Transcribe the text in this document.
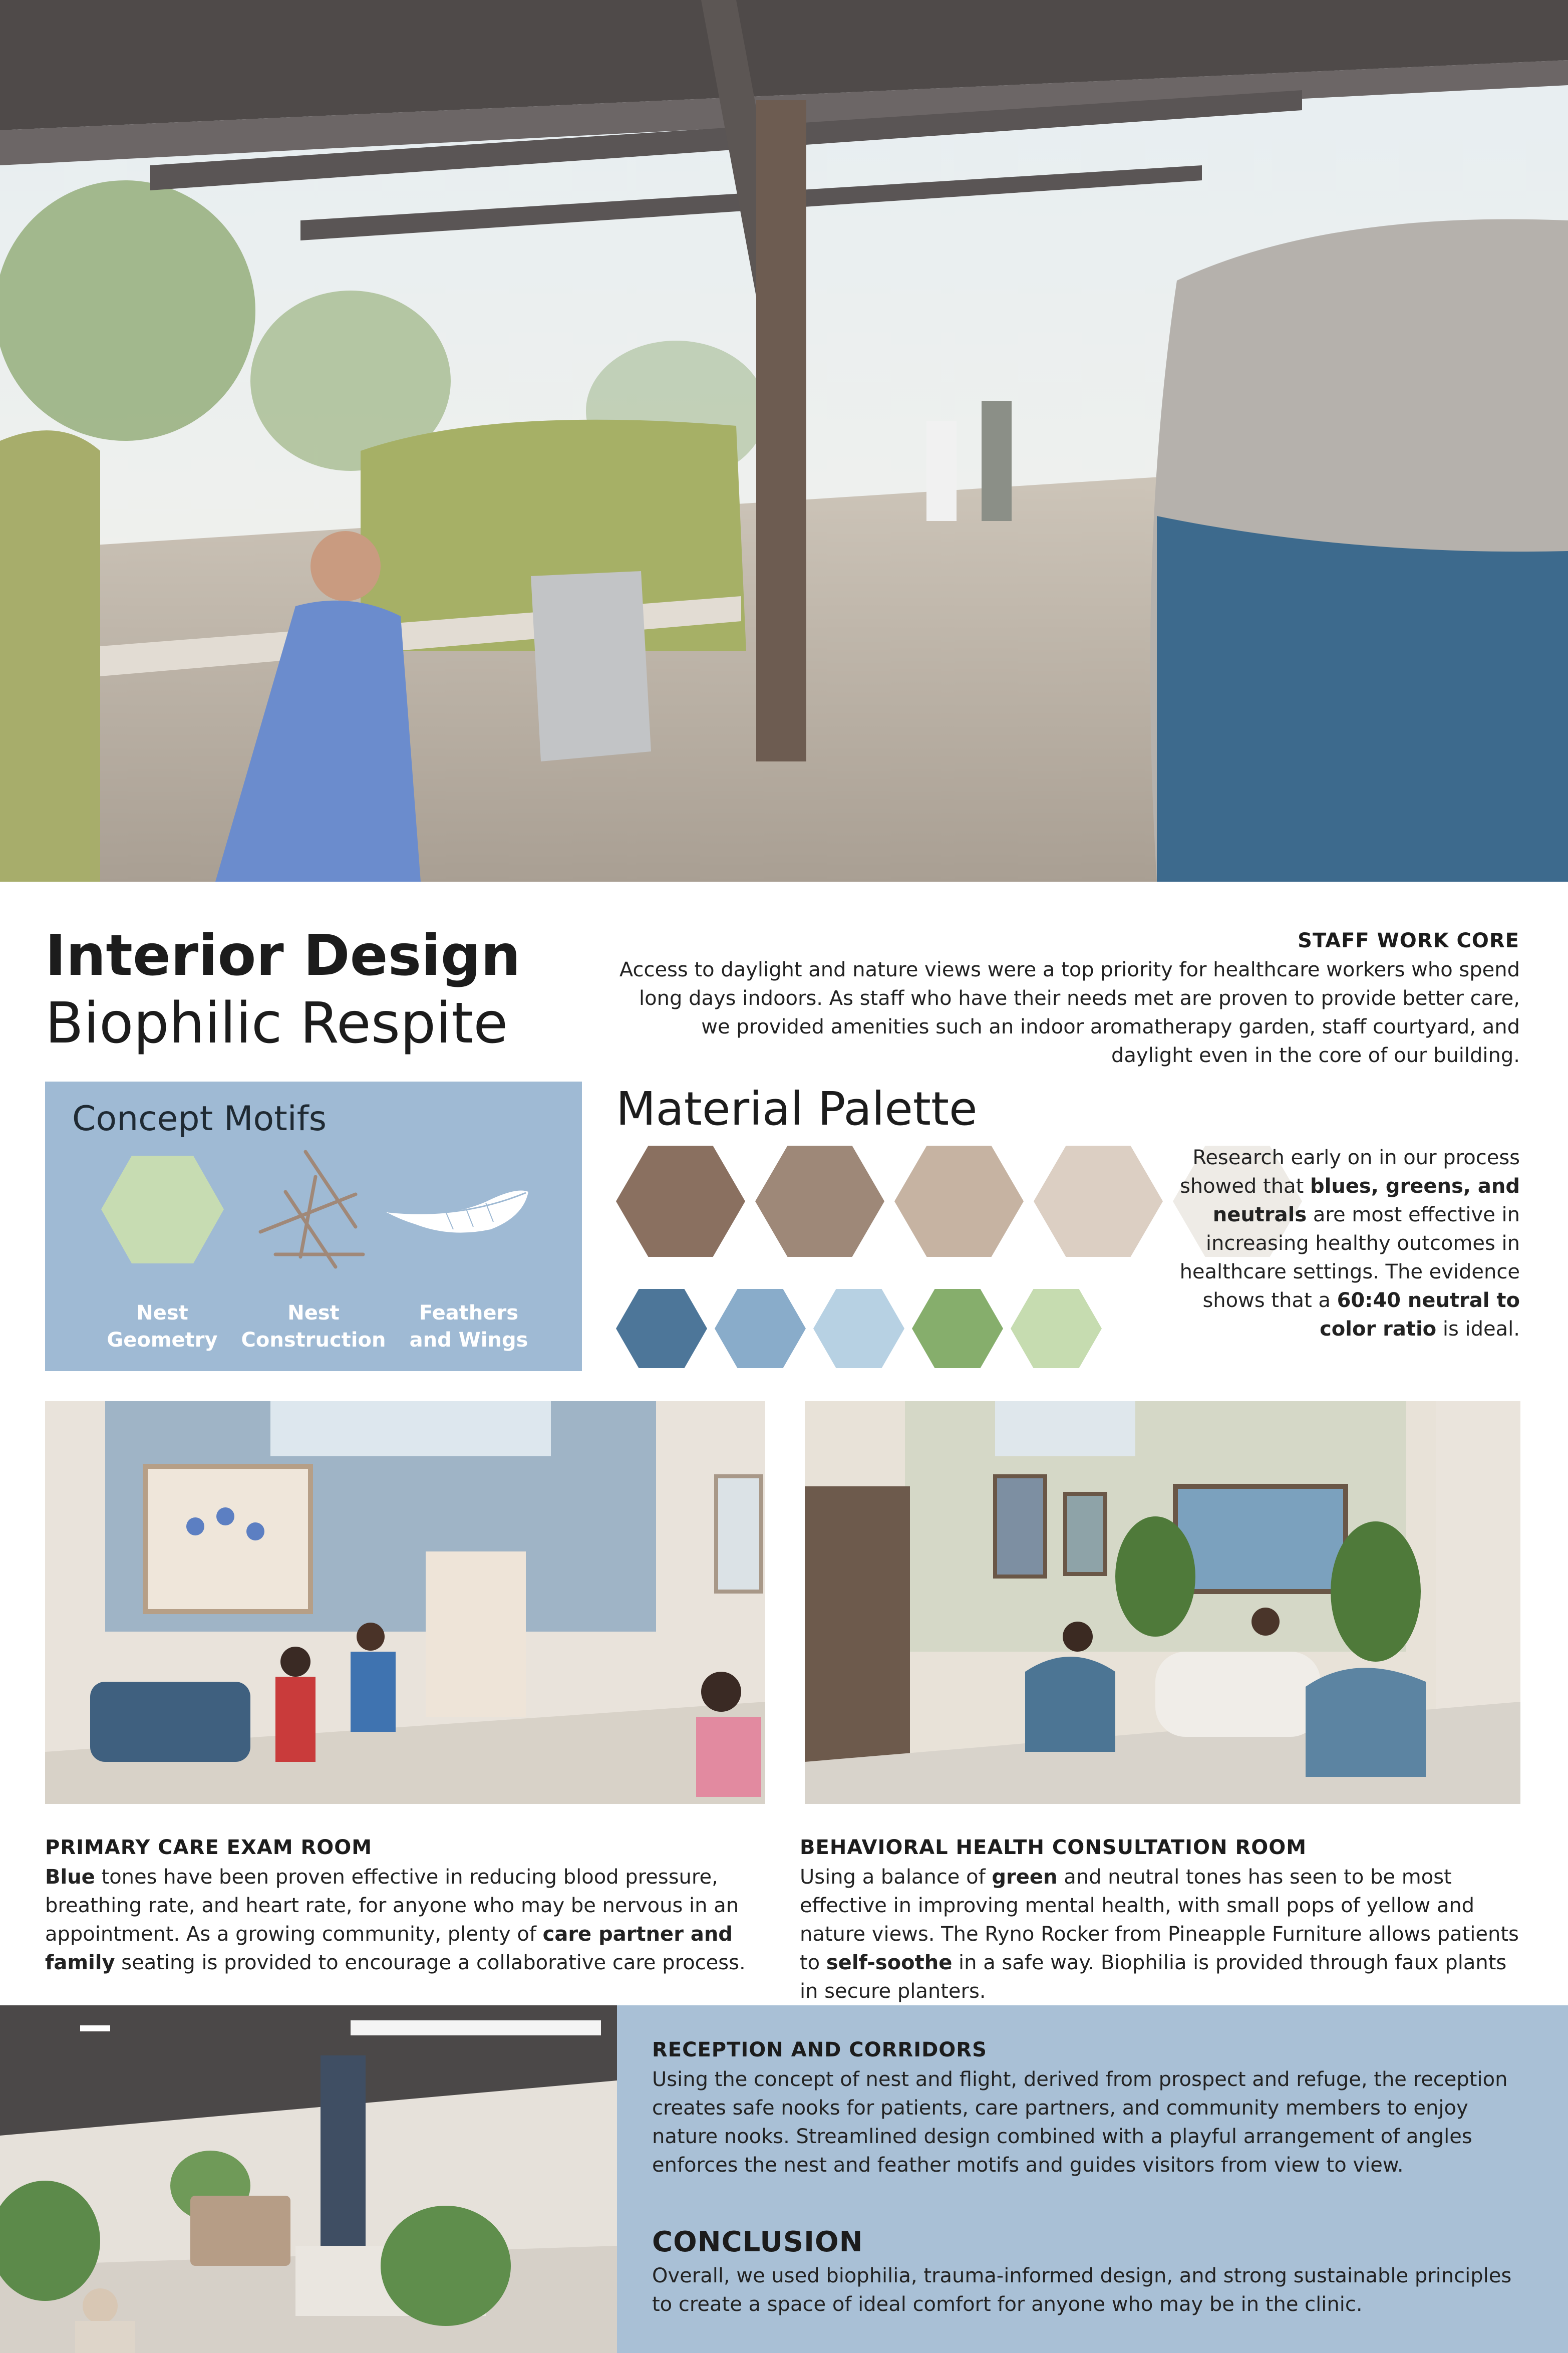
Interior Design
Biophilic Respite
STAFF WORK CORE
Access to daylight and nature views were a top priority for healthcare workers who spend long days indoors. As staff who have their needs met are proven to provide better care, we provided amenities such an indoor aromatherapy garden, staff courtyard, and daylight even in the core of our building.
Concept Motifs
Nest
Geometry
Nest
Construction
Feathers
and Wings
Material Palette
Research early on in our process showed that blues, greens, and neutrals are most effective in increasing healthy outcomes in healthcare settings. The evidence shows that a 60:40 neutral to color ratio is ideal.
PRIMARY CARE EXAM ROOM
Blue tones have been proven effective in reducing blood pressure, breathing rate, and heart rate, for anyone who may be nervous in an appointment. As a growing community, plenty of care partner and family seating is provided to encourage a collaborative care process.
BEHAVIORAL HEALTH CONSULTATION ROOM
Using a balance of green and neutral tones has seen to be most effective in improving mental health, with small pops of yellow and nature views. The Ryno Rocker from Pineapple Furniture allows patients to self-soothe in a safe way. Biophilia is provided through faux plants in secure planters.
RECEPTION AND CORRIDORS
Using the concept of nest and flight, derived from prospect and refuge, the reception creates safe nooks for patients, care partners, and community members to enjoy nature nooks. Streamlined design combined with a playful arrangement of angles enforces the nest and feather motifs and guides visitors from view to view.
CONCLUSION
Overall, we used biophilia, trauma-informed design, and strong sustainable principles to create a space of ideal comfort for anyone who may be in the clinic.
